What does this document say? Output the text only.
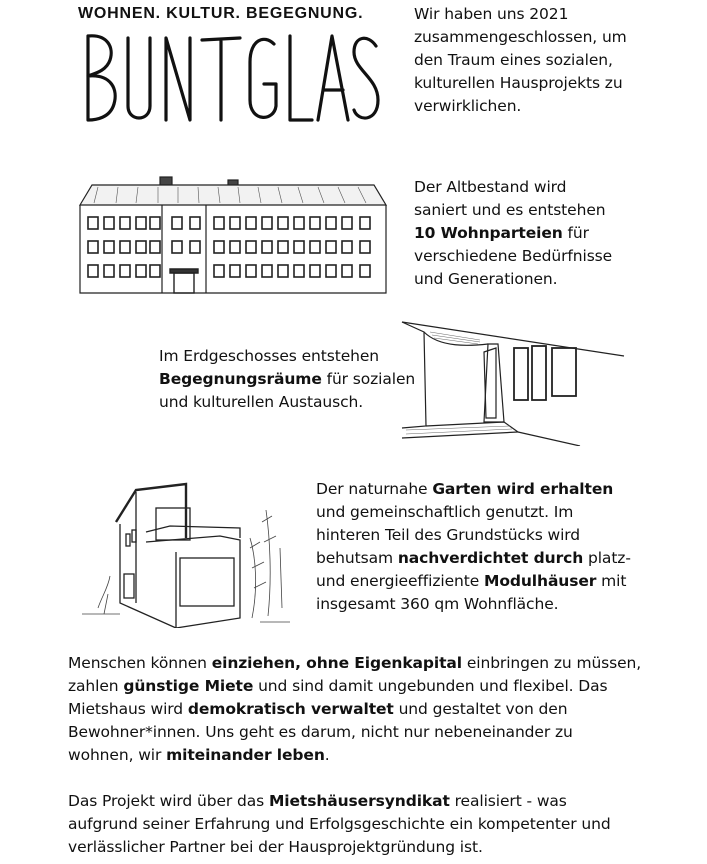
WOHNEN. KULTUR. BEGEGNUNG.	Wir haben uns 2021
zusammengeschlossen, um
den Traum eines sozialen,
kulturellen Hausprojekts zu
verwirklichen.
Der Altbestand wird
saniert und es entstehen
10 Wohnparteien für
verschiedene Bedürfnisse
und Generationen.
Im Erdgeschosses entstehen
Begegnungsräume für sozialen
und kulturellen Austausch.
Der naturnahe Garten wird erhalten
und gemeinschaftlich genutzt. Im
hinteren Teil des Grundstücks wird
behutsam nachverdichtet durch platz-
und energieeffiziente Modulhäuser mit
insgesamt 360 qm Wohnfläche.
Menschen können einziehen, ohne Eigenkapital einbringen zu müssen,
zahlen günstige Miete und sind damit ungebunden und flexibel. Das
Mietshaus wird demokratisch verwaltet und gestaltet von den
Bewohner*innen. Uns geht es darum, nicht nur nebeneinander zu
wohnen, wir miteinander leben.
Das Projekt wird über das Mietshäusersyndikat realisiert - was
aufgrund seiner Erfahrung und Erfolgsgeschichte ein kompetenter und
verlässlicher Partner bei der Hausprojektgründung ist.
